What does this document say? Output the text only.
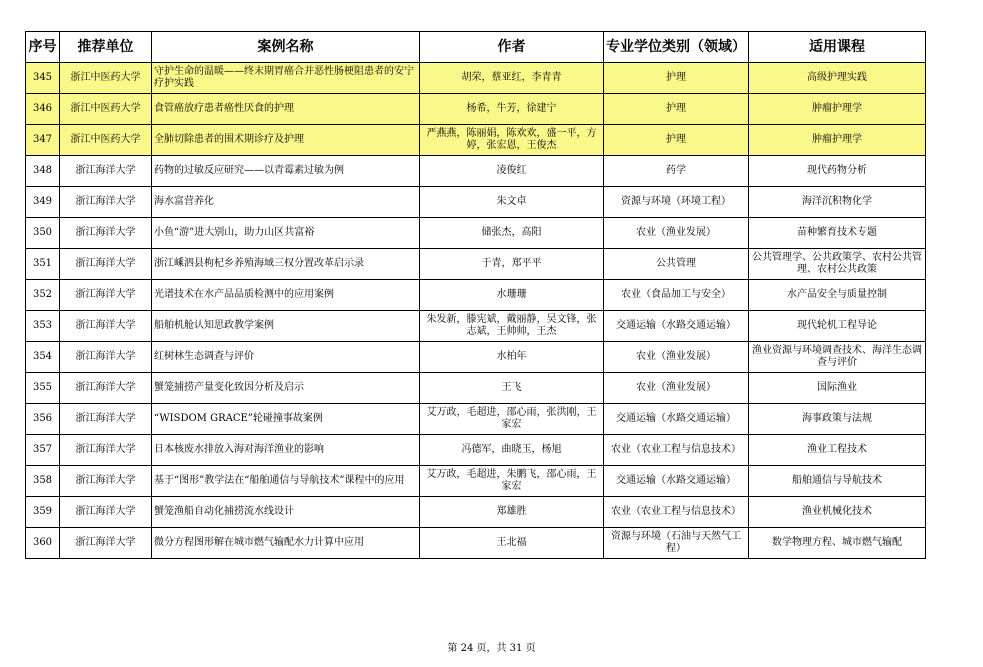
序号	推荐单位	案例名称	作者	专业学位类别（领域）	适用课程
345	浙江中医药大学	守护生命的温暖——终末期胃癌合并恶性肠梗阻患者的安宁疗护实践	胡荣，蔡亚红，李青青	护理	高级护理实践
346	浙江中医药大学	食管癌放疗患者癌性厌食的护理	杨希，牛芳，徐建宁	护理	肿瘤护理学
347	浙江中医药大学	全肺切除患者的围术期诊疗及护理	严燕燕，陈丽娟，陈欢欢，盛一平，方婷，张宏恩，王俊杰	护理	肿瘤护理学
348	浙江海洋大学	药物的过敏反应研究——以青霉素过敏为例	凌俊红	药学	现代药物分析
349	浙江海洋大学	海水富营养化	朱文卓	资源与环境（环境工程）	海洋沉积物化学
350	浙江海洋大学	小鱼“游”进大别山，助力山区共富裕	储张杰，高阳	农业（渔业发展）	苗种繁育技术专题
351	浙江海洋大学	浙江嵊泗县枸杞乡养殖海域三权分置改革启示录	于青，郑平平	公共管理	公共管理学、公共政策学、农村公共管理、农村公共政策
352	浙江海洋大学	光谱技术在水产品品质检测中的应用案例	水珊珊	农业（食品加工与安全）	水产品安全与质量控制
353	浙江海洋大学	船舶机舱认知思政教学案例	朱发新，滕宪斌，戴丽静，吴文锋，张志斌，王帅帅，王杰	交通运输（水路交通运输）	现代轮机工程导论
354	浙江海洋大学	红树林生态调查与评价	水柏年	农业（渔业发展）	渔业资源与环境调查技术、海洋生态调查与评价
355	浙江海洋大学	蟹笼捕捞产量变化致因分析及启示	王飞	农业（渔业发展）	国际渔业
356	浙江海洋大学	“WISDOM GRACE”轮碰撞事故案例	艾万政，毛超进，邵心雨，张洪刚，王家宏	交通运输（水路交通运输）	海事政策与法规
357	浙江海洋大学	日本核废水排放入海对海洋渔业的影响	冯德军，曲晓玉，杨旭	农业（农业工程与信息技术）	渔业工程技术
358	浙江海洋大学	基于“图形”教学法在“船舶通信与导航技术”课程中的应用	艾万政，毛超进，朱鹏飞，邵心雨，王家宏	交通运输（水路交通运输）	船舶通信与导航技术
359	浙江海洋大学	蟹笼渔船自动化捕捞流水线设计	郑雄胜	农业（农业工程与信息技术）	渔业机械化技术
360	浙江海洋大学	微分方程图形解在城市燃气输配水力计算中应用	王北福	资源与环境（石油与天然气工程）	数学物理方程、城市燃气输配
第 24 页，共 31 页
